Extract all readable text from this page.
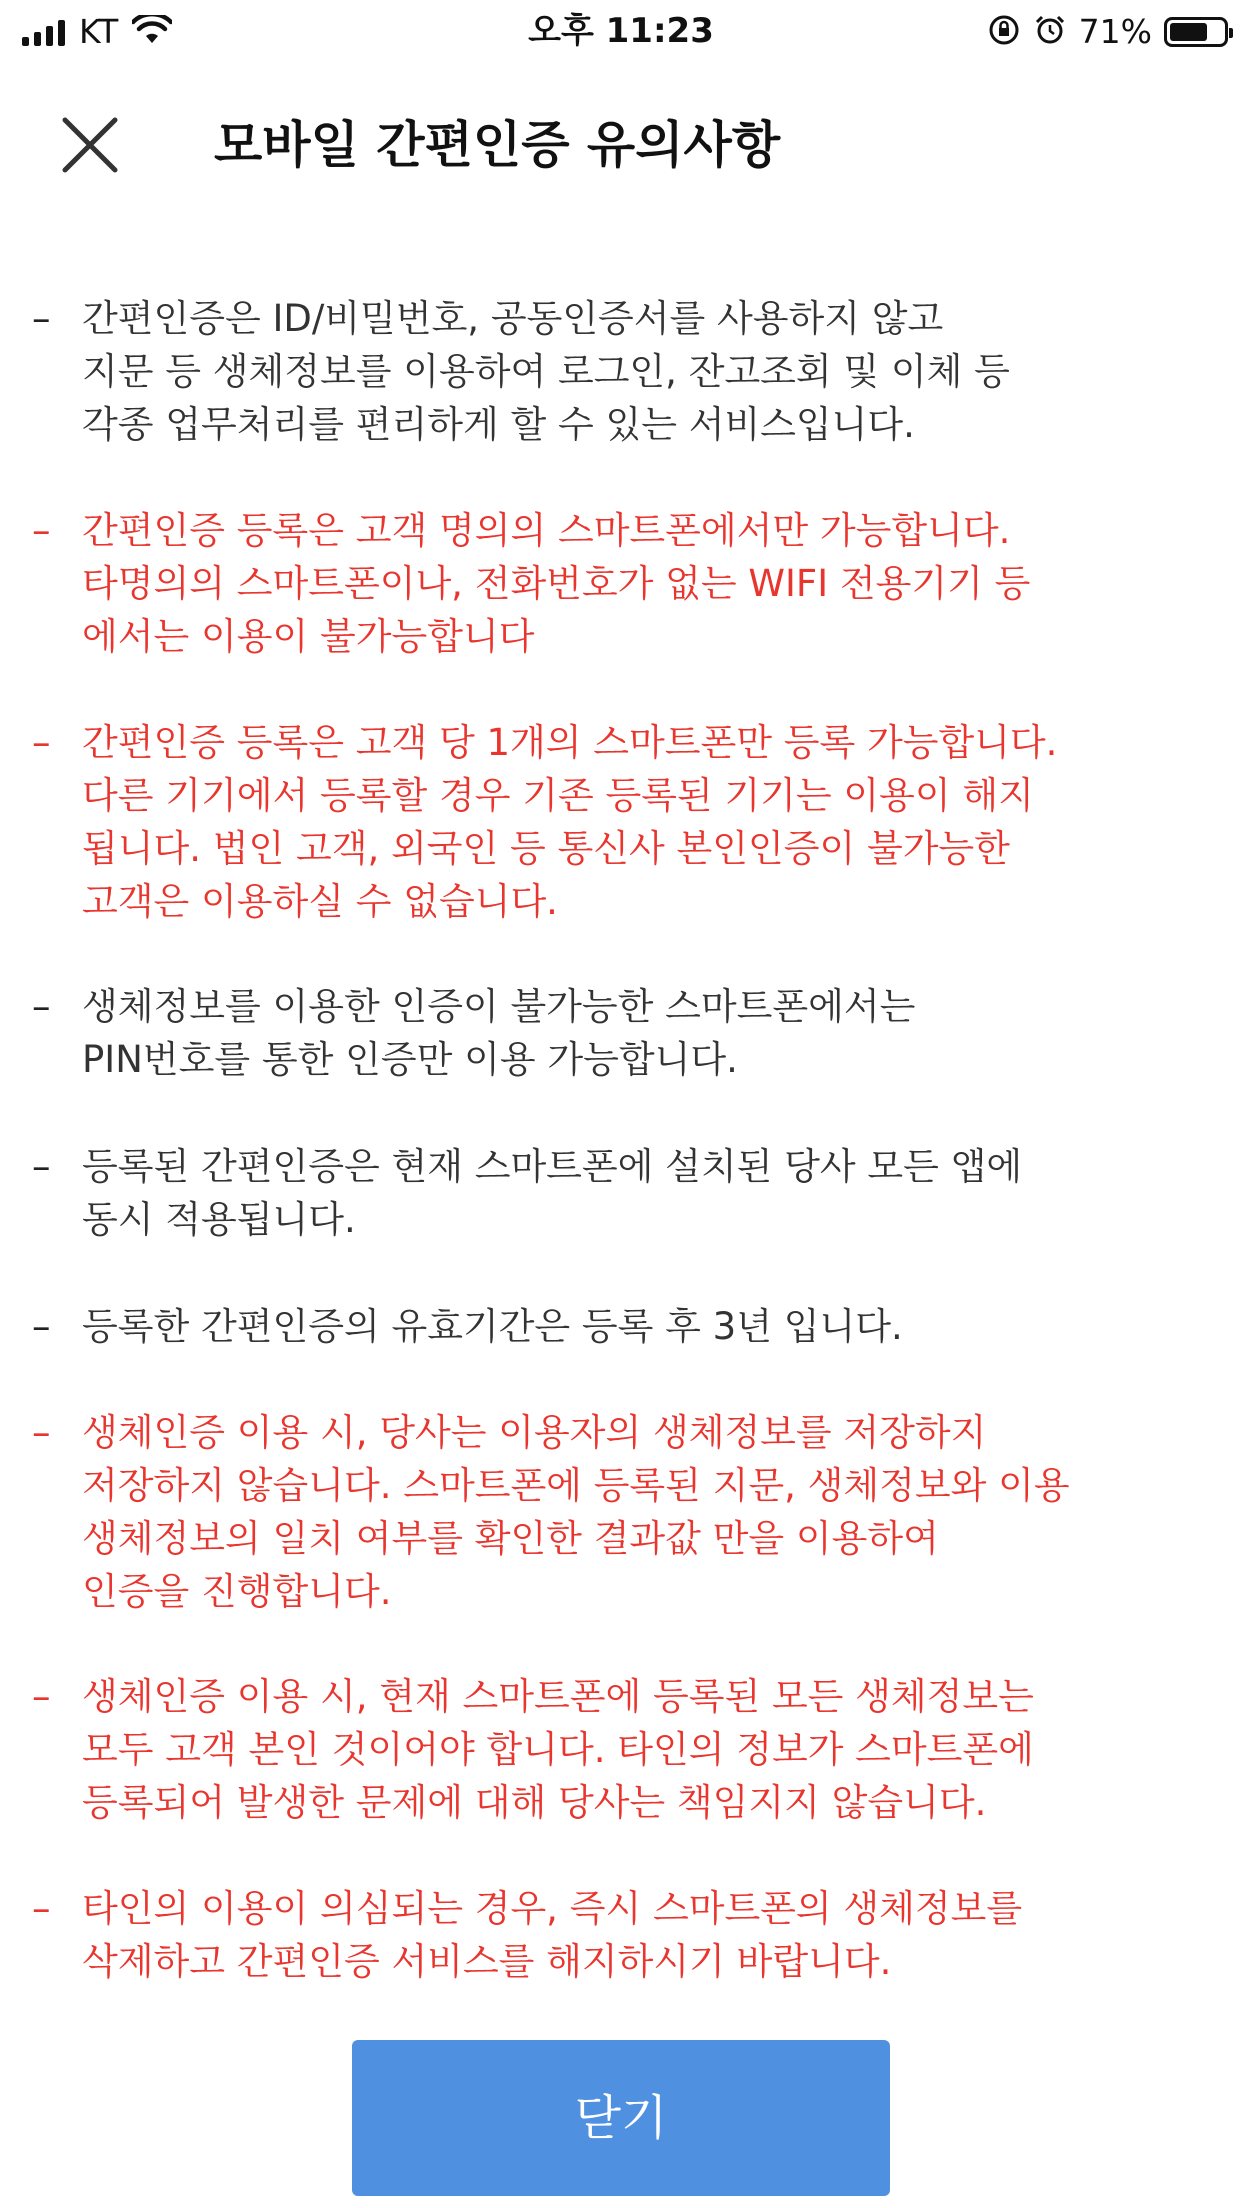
KT	오후 11:23	71%
모바일 간편인증 유의사항
– 간편인증은 ID/비밀번호, 공동인증서를 사용하지 않고
지문 등 생체정보를 이용하여 로그인, 잔고조회 및 이체 등
각종 업무처리를 편리하게 할 수 있는 서비스입니다.
– 간편인증 등록은 고객 명의의 스마트폰에서만 가능합니다.
타명의의 스마트폰이나, 전화번호가 없는 WIFI 전용기기 등
에서는 이용이 불가능합니다
– 간편인증 등록은 고객 당 1개의 스마트폰만 등록 가능합니다.
다른 기기에서 등록할 경우 기존 등록된 기기는 이용이 해지
됩니다. 법인 고객, 외국인 등 통신사 본인인증이 불가능한
고객은 이용하실 수 없습니다.
– 생체정보를 이용한 인증이 불가능한 스마트폰에서는
PIN번호를 통한 인증만 이용 가능합니다.
– 등록된 간편인증은 현재 스마트폰에 설치된 당사 모든 앱에
동시 적용됩니다.
– 등록한 간편인증의 유효기간은 등록 후 3년 입니다.
– 생체인증 이용 시, 당사는 이용자의 생체정보를 저장하지
저장하지 않습니다. 스마트폰에 등록된 지문, 생체정보와 이용
생체정보의 일치 여부를 확인한 결과값 만을 이용하여
인증을 진행합니다.
– 생체인증 이용 시, 현재 스마트폰에 등록된 모든 생체정보는
모두 고객 본인 것이어야 합니다. 타인의 정보가 스마트폰에
등록되어 발생한 문제에 대해 당사는 책임지지 않습니다.
– 타인의 이용이 의심되는 경우, 즉시 스마트폰의 생체정보를
삭제하고 간편인증 서비스를 해지하시기 바랍니다.
닫기
